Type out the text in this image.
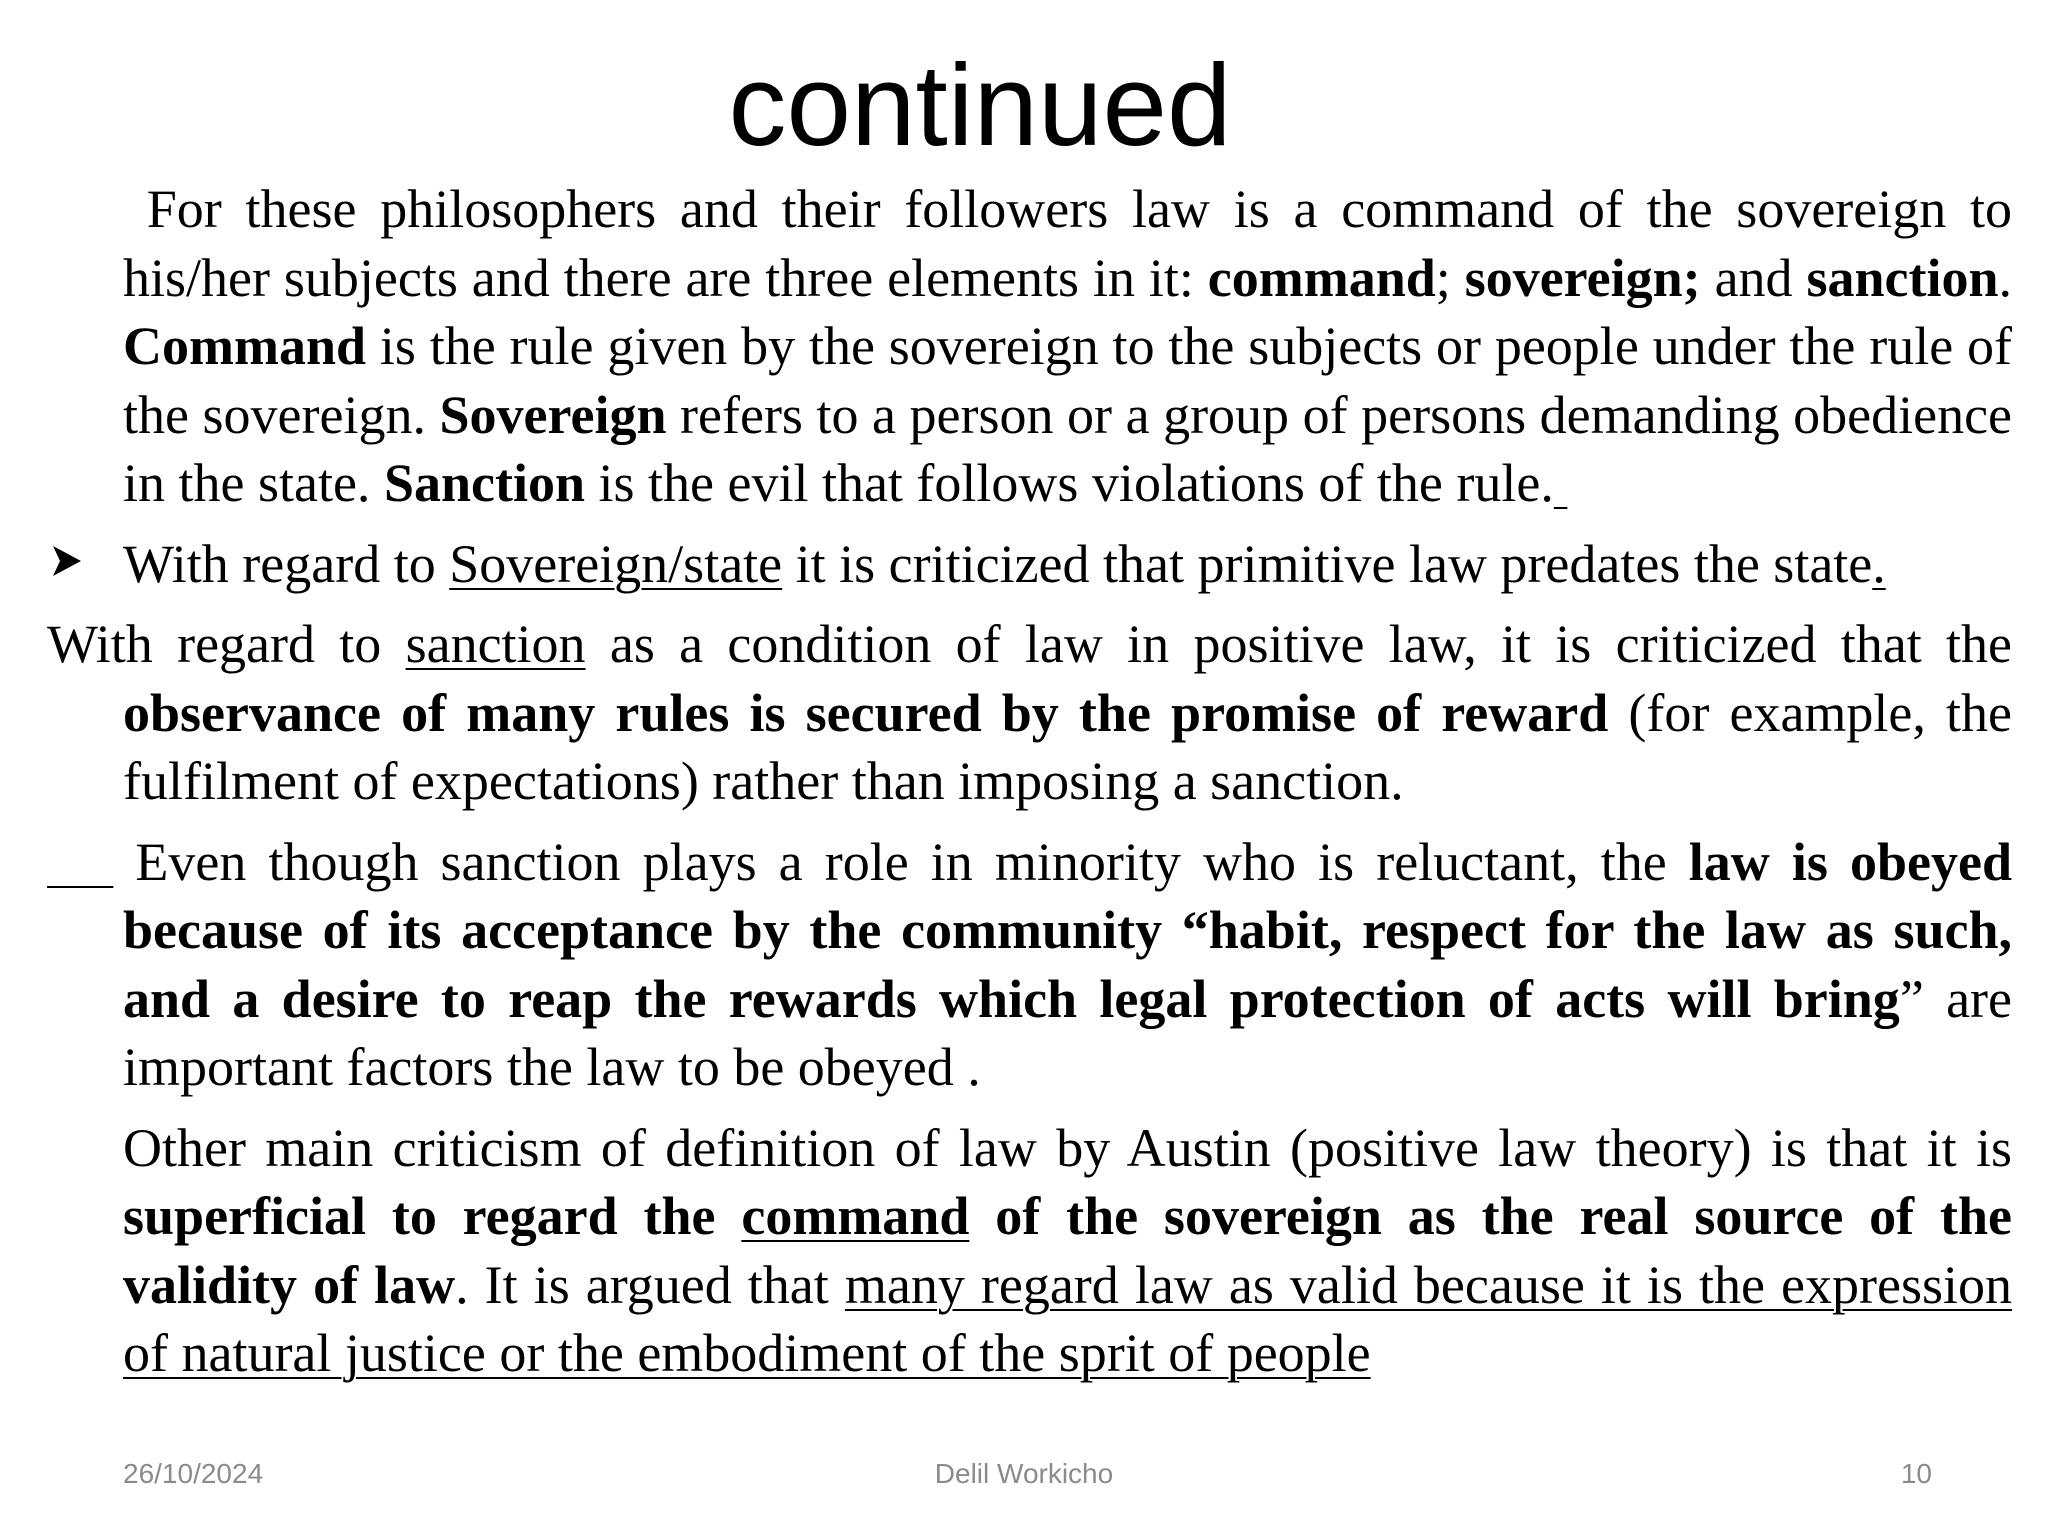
continued

For these philosophers and their followers law is a command of the sovereign to his/her subjects and there are three elements in it: command; sovereign; and sanction. Command is the rule given by the sovereign to the subjects or people under the rule of the sovereign. Sovereign refers to a person or a group of persons demanding obedience in the state. Sanction is the evil that follows violations of the rule.

With regard to Sovereign/state it is criticized that primitive law predates the state.

With regard to sanction as a condition of law in positive law, it is criticized that the observance of many rules is secured by the promise of reward (for example, the fulfilment of expectations) rather than imposing a sanction.

Even though sanction plays a role in minority who is reluctant, the law is obeyed because of its acceptance by the community “habit, respect for the law as such, and a desire to reap the rewards which legal protection of acts will bring” are important factors the law to be obeyed .

Other main criticism of definition of law by Austin (positive law theory) is that it is superficial to regard the command of the sovereign as the real source of the validity of law. It is argued that many regard law as valid because it is the expression of natural justice or the embodiment of the sprit of people

26/10/2024	Delil Workicho	10
